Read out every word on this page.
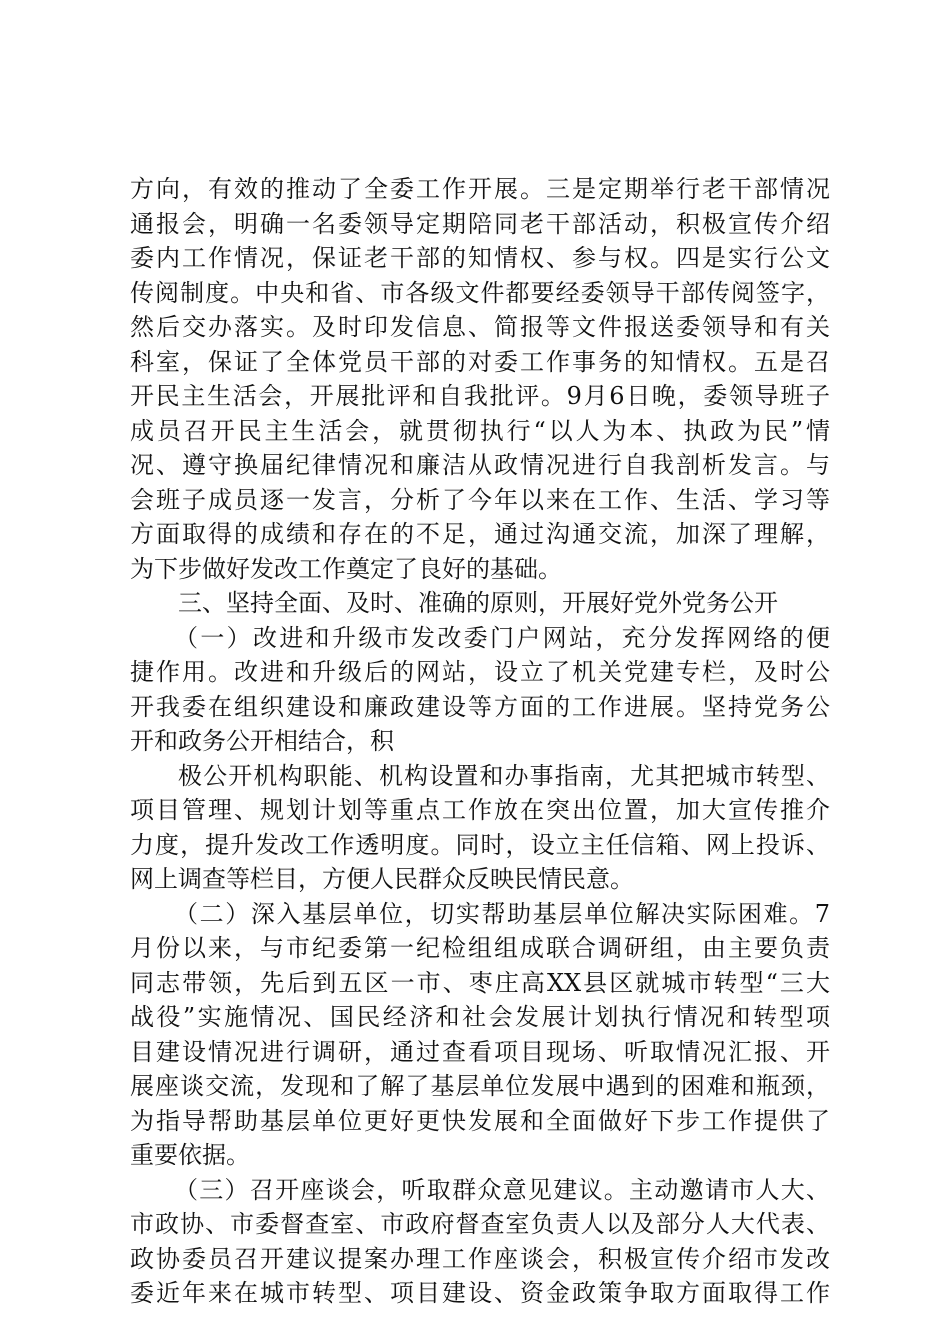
方向，有效的推动了全委工作开展。三是定期举行老干部情况
通报会，明确一名委领导定期陪同老干部活动，积极宣传介绍
委内工作情况，保证老干部的知情权、参与权。四是实行公文
传阅制度。中央和省、市各级文件都要经委领导干部传阅签字，
然后交办落实。及时印发信息、简报等文件报送委领导和有关
科室，保证了全体党员干部的对委工作事务的知情权。五是召
开民主生活会，开展批评和自我批评。9月6日晚，委领导班子
成员召开民主生活会，就贯彻执行“以人为本、执政为民”情
况、遵守换届纪律情况和廉洁从政情况进行自我剖析发言。与
会班子成员逐一发言，分析了今年以来在工作、生活、学习等
方面取得的成绩和存在的不足，通过沟通交流，加深了理解，
为下步做好发改工作奠定了良好的基础。
三、坚持全面、及时、准确的原则，开展好党外党务公开
（一）改进和升级市发改委门户网站，充分发挥网络的便
捷作用。改进和升级后的网站，设立了机关党建专栏，及时公
开我委在组织建设和廉政建设等方面的工作进展。坚持党务公
开和政务公开相结合，积
极公开机构职能、机构设置和办事指南，尤其把城市转型、
项目管理、规划计划等重点工作放在突出位置，加大宣传推介
力度，提升发改工作透明度。同时，设立主任信箱、网上投诉、
网上调查等栏目，方便人民群众反映民情民意。
（二）深入基层单位，切实帮助基层单位解决实际困难。7
月份以来，与市纪委第一纪检组组成联合调研组，由主要负责
同志带领，先后到五区一市、枣庄高XX县区就城市转型“三大
战役”实施情况、国民经济和社会发展计划执行情况和转型项
目建设情况进行调研，通过查看项目现场、听取情况汇报、开
展座谈交流，发现和了解了基层单位发展中遇到的困难和瓶颈，
为指导帮助基层单位更好更快发展和全面做好下步工作提供了
重要依据。
（三）召开座谈会，听取群众意见建议。主动邀请市人大、
市政协、市委督查室、市政府督查室负责人以及部分人大代表、
政协委员召开建议提案办理工作座谈会，积极宣传介绍市发改
委近年来在城市转型、项目建设、资金政策争取方面取得工作
